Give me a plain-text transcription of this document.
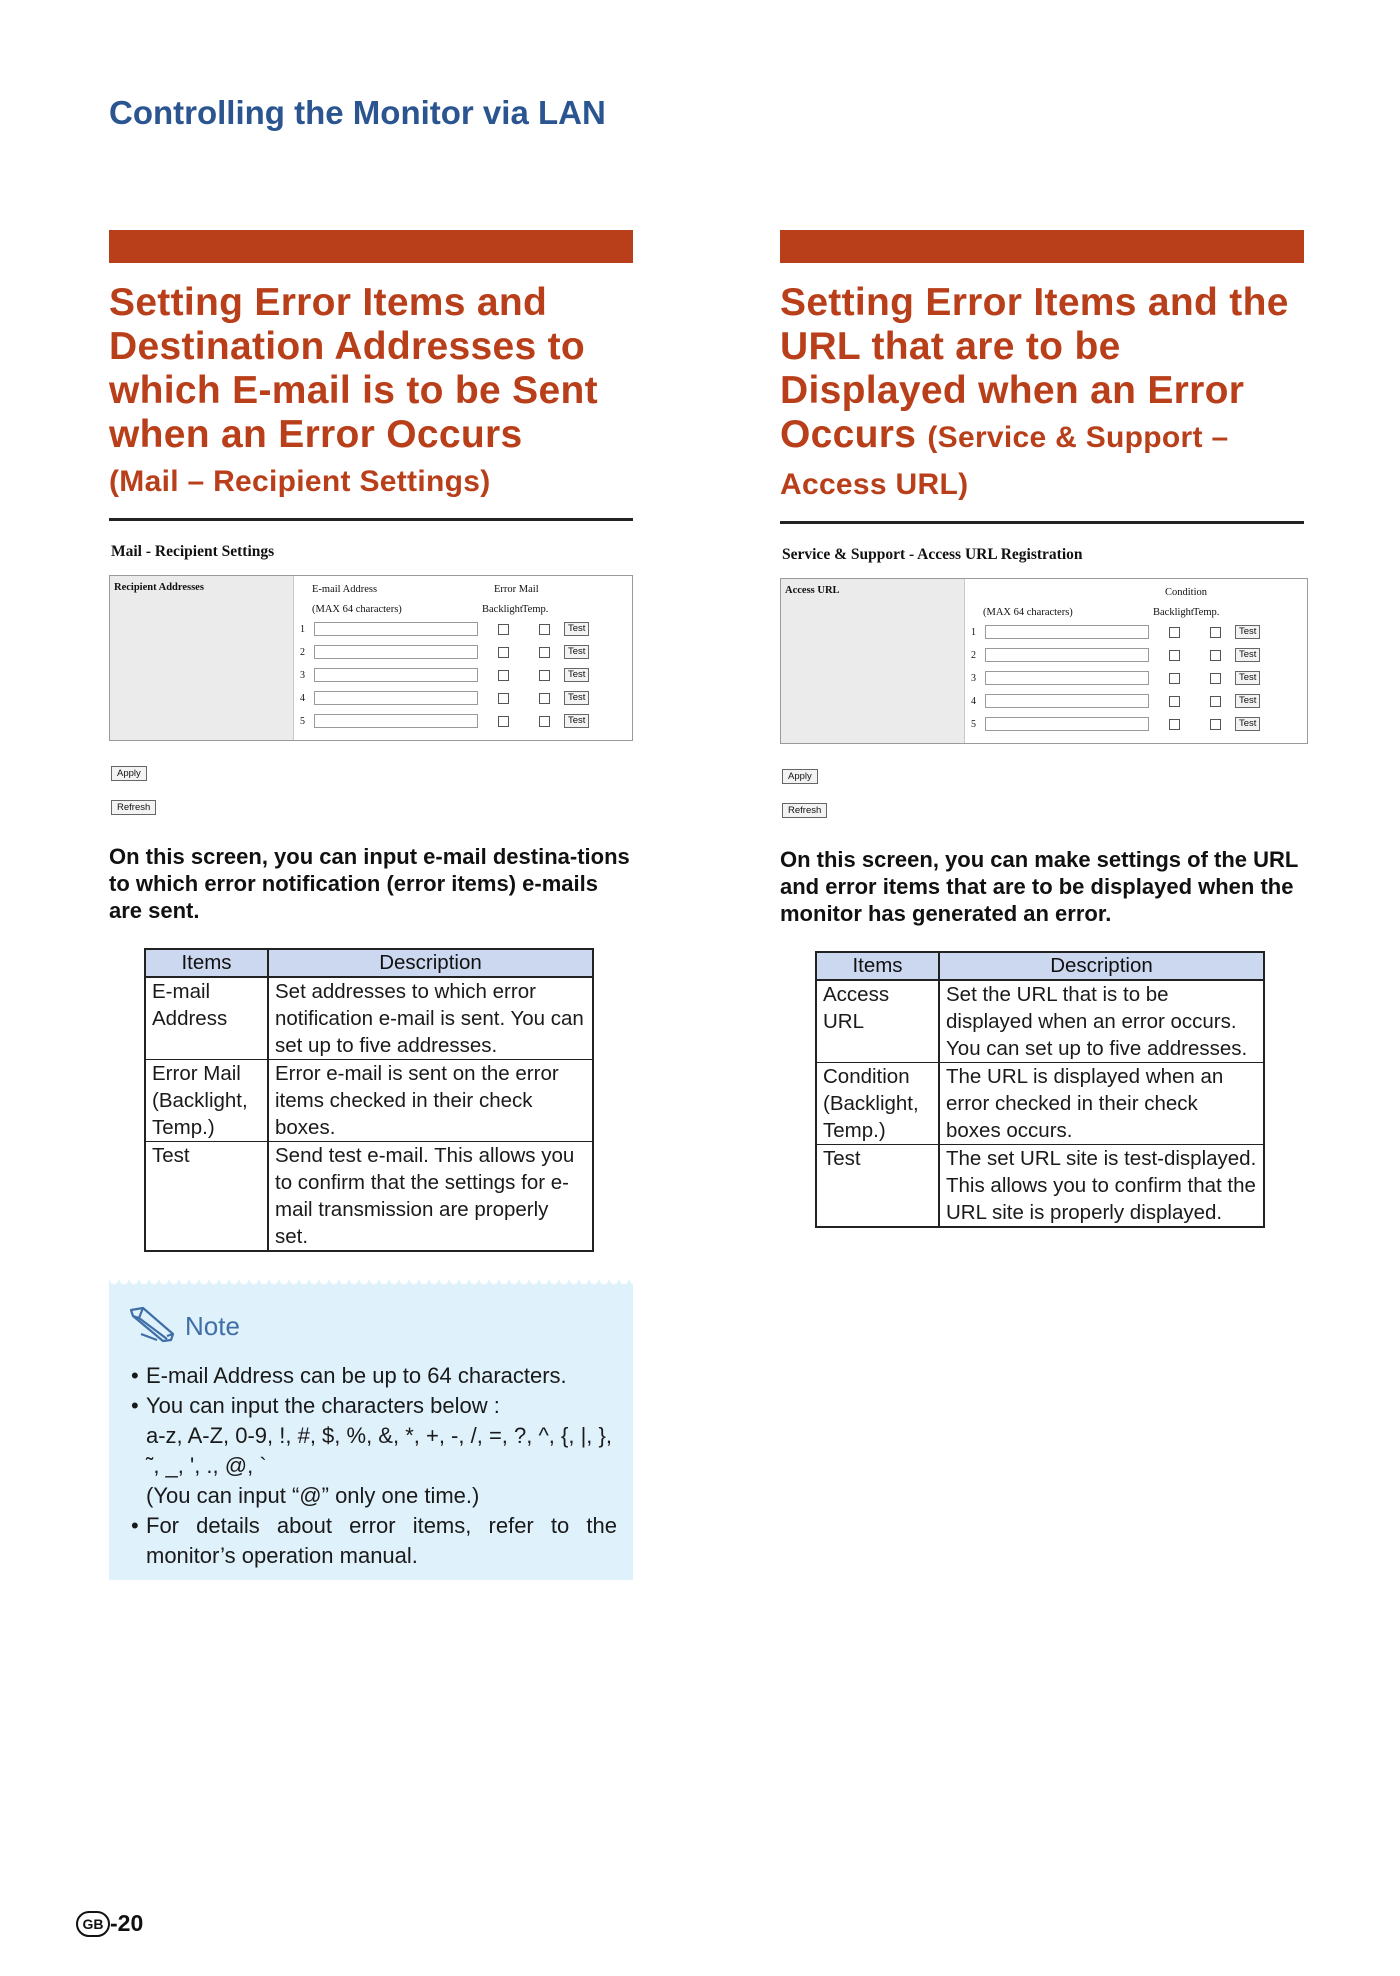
Controlling the Monitor via LAN
Setting Error Items and Destination Addresses to which E-mail is to be Sent when an Error Occurs
(Mail – Recipient Settings)
Mail - Recipient Settings
Recipient Addresses	E-mail Address
(MAX 64 characters)
Error Mail
Backlight Temp.
1	Test
2	Test
3	Test
4	Test
5	Test
Apply
Refresh
On this screen, you can input e-mail destina-tions to which error notification (error items) e-mails are sent.
Items	Description
E-mail Address	Set addresses to which error notification e-mail is sent. You can set up to five addresses.
Error Mail (Backlight, Temp.)	Error e-mail is sent on the error items checked in their check boxes.
Test	Send test e-mail. This allows you to confirm that the settings for e-mail transmission are properly set.
Setting Error Items and the URL that are to be Displayed when an Error Occurs (Service & Support – Access URL)
Service & Support - Access URL Registration
Access URL
(MAX 64 characters)
Condition
Backlight Temp.
1	Test
2	Test
3	Test
4	Test
5	Test
Apply
Refresh
On this screen, you can make settings of the URL and error items that are to be displayed when the monitor has generated an error.
Items	Description
Access URL	Set the URL that is to be displayed when an error occurs. You can set up to five addresses.
Condition (Backlight, Temp.)	The URL is displayed when an error checked in their check boxes occurs.
Test	The set URL site is test-displayed. This allows you to confirm that the URL site is properly displayed.
Note
• E-mail Address can be up to 64 characters.
• You can input the characters below :
a-z, A-Z, 0-9, !, #, $, %, &, *, +, -, /, =, ?, ^, {, |, }, ˜, _, ', ., @, `
(You can input “@” only one time.)
• For details about error items, refer to the monitor’s operation manual.
GB -20
